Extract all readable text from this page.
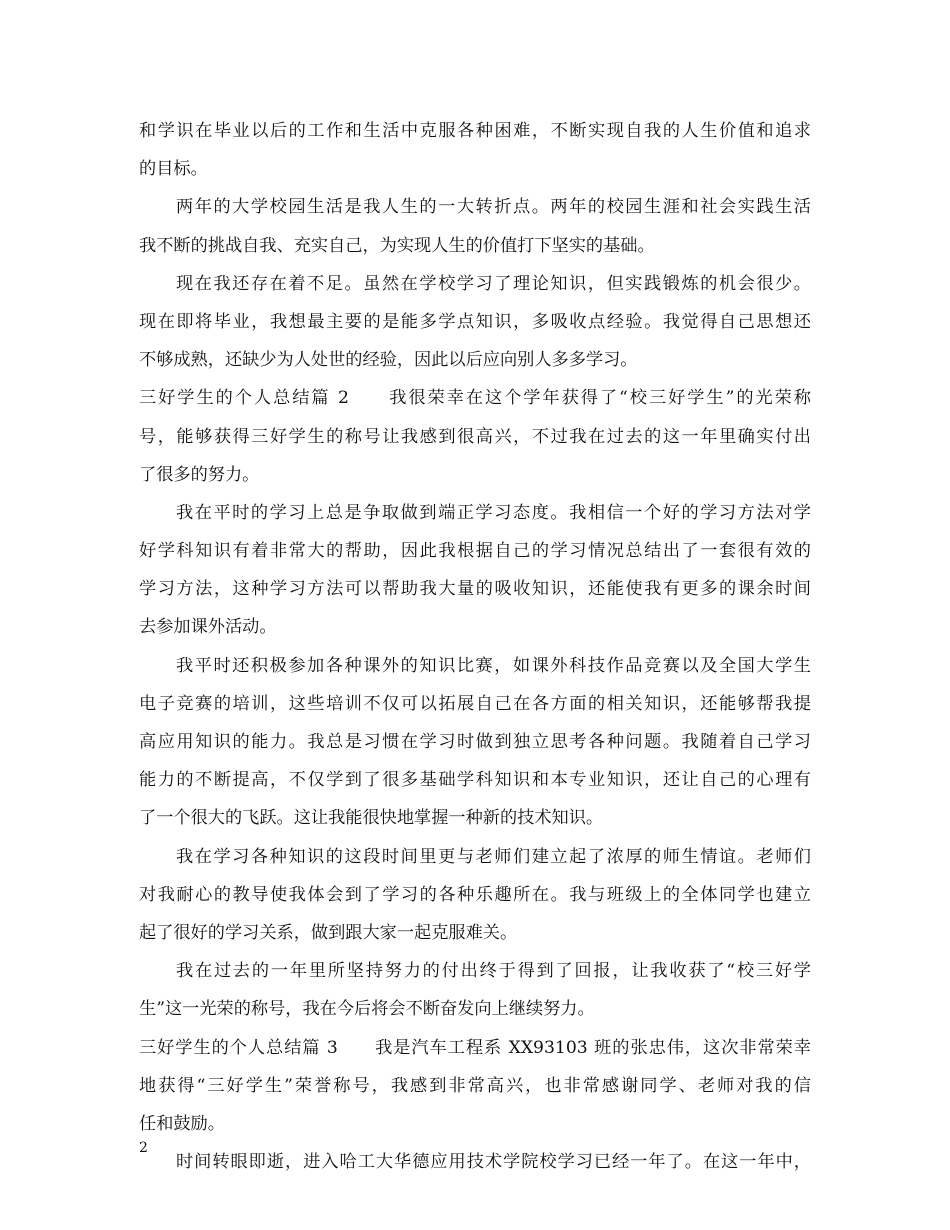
和学识在毕业以后的工作和生活中克服各种困难，不断实现自我的人生价值和追求
的目标。
两年的大学校园生活是我人生的一大转折点。两年的校园生涯和社会实践生活
我不断的挑战自我、充实自己，为实现人生的价值打下坚实的基础。
现在我还存在着不足。虽然在学校学习了理论知识，但实践锻炼的机会很少。
现在即将毕业，我想最主要的是能多学点知识，多吸收点经验。我觉得自己思想还
不够成熟，还缺少为人处世的经验，因此以后应向别人多多学习。
三好学生的个人总结篇 2　　我很荣幸在这个学年获得了“校三好学生”的光荣称
号，能够获得三好学生的称号让我感到很高兴，不过我在过去的这一年里确实付出
了很多的努力。
我在平时的学习上总是争取做到端正学习态度。我相信一个好的学习方法对学
好学科知识有着非常大的帮助，因此我根据自己的学习情况总结出了一套很有效的
学习方法，这种学习方法可以帮助我大量的吸收知识，还能使我有更多的课余时间
去参加课外活动。
我平时还积极参加各种课外的知识比赛，如课外科技作品竞赛以及全国大学生
电子竞赛的培训，这些培训不仅可以拓展自己在各方面的相关知识，还能够帮我提
高应用知识的能力。我总是习惯在学习时做到独立思考各种问题。我随着自己学习
能力的不断提高，不仅学到了很多基础学科知识和本专业知识，还让自己的心理有
了一个很大的飞跃。这让我能很快地掌握一种新的技术知识。
我在学习各种知识的这段时间里更与老师们建立起了浓厚的师生情谊。老师们
对我耐心的教导使我体会到了学习的各种乐趣所在。我与班级上的全体同学也建立
起了很好的学习关系，做到跟大家一起克服难关。
我在过去的一年里所坚持努力的付出终于得到了回报，让我收获了“校三好学
生”这一光荣的称号，我在今后将会不断奋发向上继续努力。
三好学生的个人总结篇 3　　我是汽车工程系 XX93103 班的张忠伟，这次非常荣幸
地获得“三好学生”荣誉称号，我感到非常高兴，也非常感谢同学、老师对我的信
任和鼓励。
时间转眼即逝，进入哈工大华德应用技术学院校学习已经一年了。在这一年中，
2
